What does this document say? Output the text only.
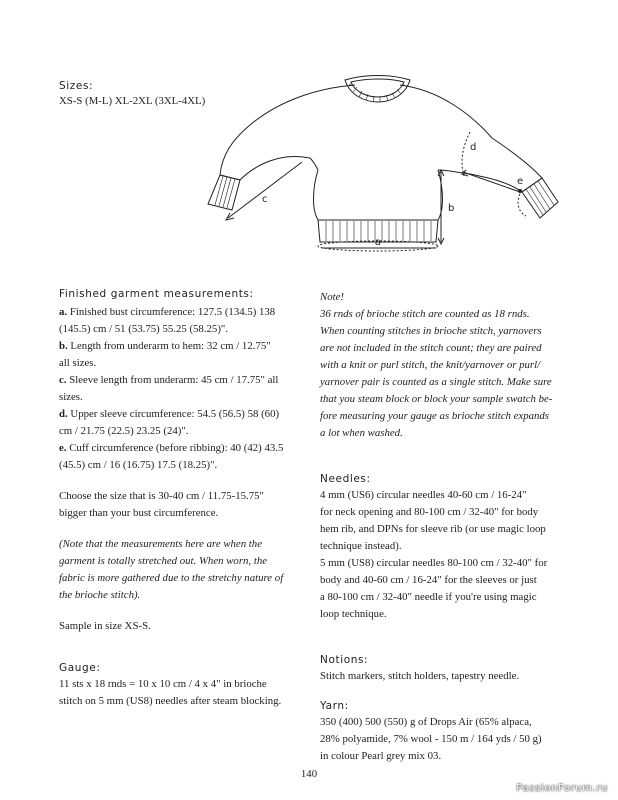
Sizes:
XS-S (M-L) XL-2XL (3XL-4XL)
a
b
c
d
e
Finished garment measurements:

a. Finished bust circumference: 127.5 (134.5) 138
(145.5) cm / 51 (53.75) 55.25 (58.25)".

b. Length from underarm to hem: 32 cm / 12.75"
all sizes.

c. Sleeve length from underarm: 45 cm / 17.75" all
sizes.

d. Upper sleeve circumference: 54.5 (56.5) 58 (60)
cm / 21.75 (22.5) 23.25 (24)".

e. Cuff circumference (before ribbing): 40 (42) 43.5
(45.5) cm / 16 (16.75) 17.5 (18.25)".

Choose the size that is 30-40 cm / 11.75-15.75"
bigger than your bust circumference.

(Note that the measurements here are when the
garment is totally stretched out. When worn, the
fabric is more gathered due to the stretchy nature of
the brioche stitch).

Sample in size XS-S.

Gauge:

11 sts x 18 rnds = 10 x 10 cm / 4 x 4" in brioche
stitch on 5 mm (US8) needles after steam blocking.

Note!

36 rnds of brioche stitch are counted as 18 rnds.
When counting stitches in brioche stitch, yarnovers
are not included in the stitch count; they are paired
with a knit or purl stitch, the knit/yarnover or purl/
yarnover pair is counted as a single stitch. Make sure
that you steam block or block your sample swatch be-
fore measuring your gauge as brioche stitch expands
a lot when washed.

Needles:

4 mm (US6) circular needles 40-60 cm / 16-24"
for neck opening and 80-100 cm / 32-40" for body
hem rib, and DPNs for sleeve rib (or use magic loop
technique instead).
5 mm (US8) circular needles 80-100 cm / 32-40" for
body and 40-60 cm / 16-24" for the sleeves or just
a 80-100 cm / 32-40" needle if you're using magic
loop technique.

Notions:

Stitch markers, stitch holders, tapestry needle.

Yarn:

350 (400) 500 (550) g of Drops Air (65% alpaca,
28% polyamide, 7% wool - 150 m / 164 yds / 50 g)
in colour Pearl grey mix 03.

140
PassionForum.ru
